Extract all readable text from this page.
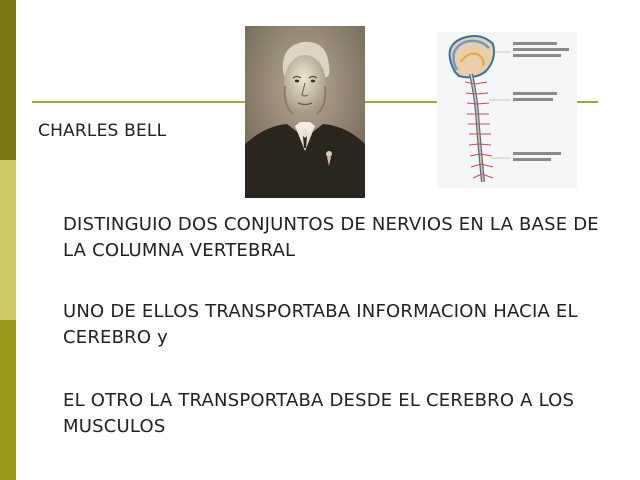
CHARLES BELL
DISTINGUIO DOS CONJUNTOS DE NERVIOS EN LA BASE DE LA COLUMNA VERTEBRAL
UNO DE ELLOS TRANSPORTABA INFORMACION HACIA EL CEREBRO y
EL OTRO LA TRANSPORTABA DESDE EL CEREBRO A LOS MUSCULOS
